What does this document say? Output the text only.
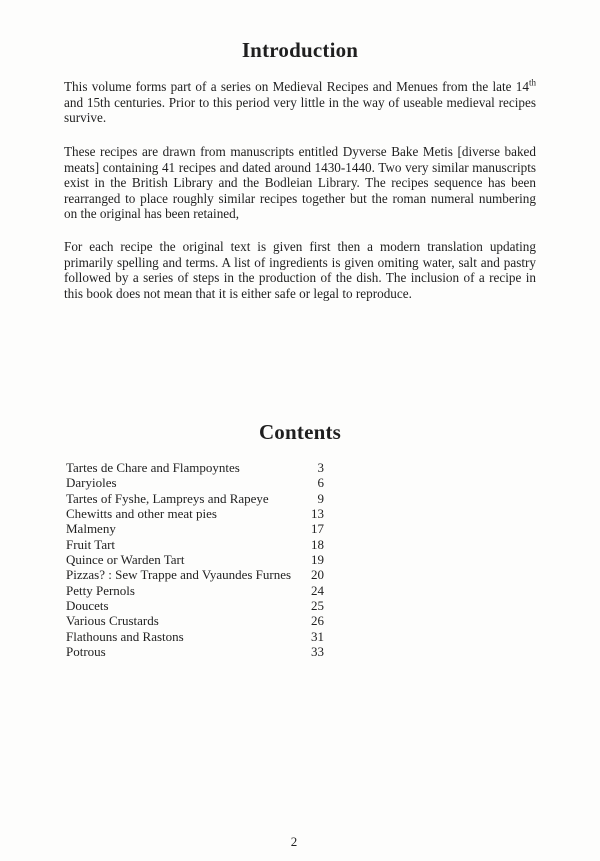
Introduction

This volume forms part of a series on Medieval Recipes and Menues from the late 14th and 15th centuries. Prior to this period very little in the way of useable medieval recipes survive.

These recipes are drawn from manuscripts entitled Dyverse Bake Metis [diverse baked meats] containing 41 recipes and dated around 1430-1440. Two very similar manuscripts exist in the British Library and the Bodleian Library. The recipes sequence has been rearranged to place roughly similar recipes together but the roman numeral numbering on the original has been retained,

For each recipe the original text is given first then a modern translation updating primarily spelling and terms. A list of ingredients is given omiting water, salt and pastry followed by a series of steps in the production of the dish. The inclusion of a recipe in this book does not mean that it is either safe or legal to reproduce.

Contents
Tartes de Chare and Flampoyntes	3
Daryioles	6
Tartes of Fyshe, Lampreys and Rapeye	9
Chewitts and other meat pies	13
Malmeny	17
Fruit Tart	18
Quince or Warden Tart	19
Pizzas? : Sew Trappe and Vyaundes Furnes	20
Petty Pernols	24
Doucets	25
Various Crustards	26
Flathouns and Rastons	31
Potrous	33
2
